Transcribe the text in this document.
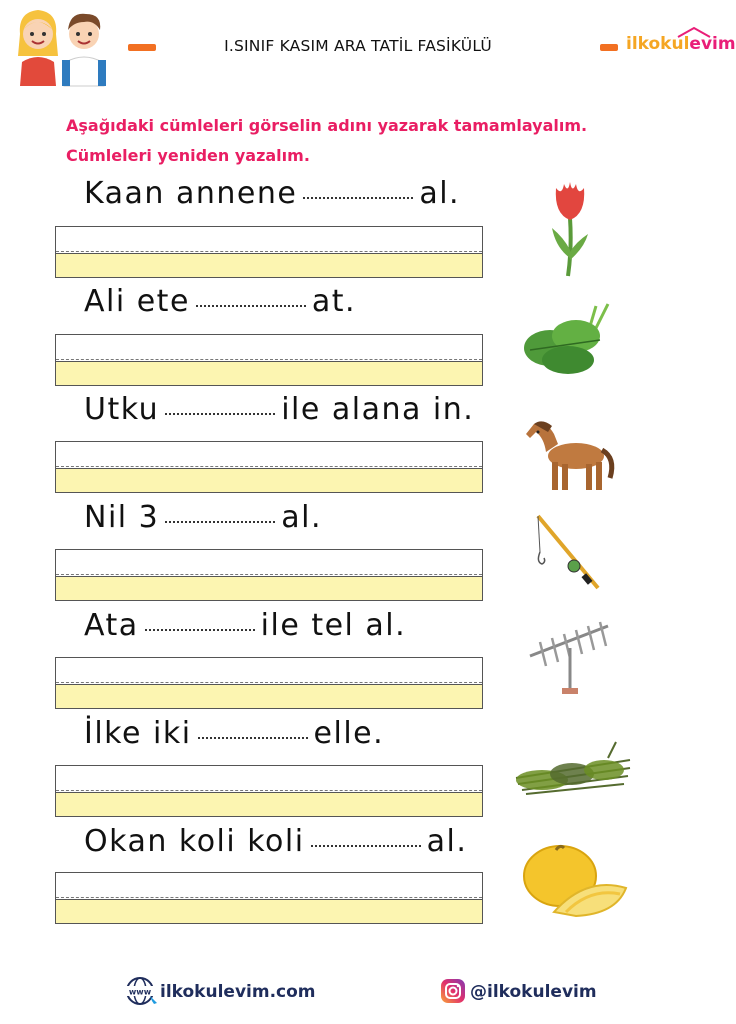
I.SINIF KASIM ARA TATİL FASİKÜLÜ	ilkokulevim
Aşağıdaki cümleleri görselin adını yazarak tamamlayalım.
Cümleleri yeniden yazalım.
Kaan annene	al.
Ali ete	at.
Utku	ile alana in.
Nil 3	al.
Ata	ile tel al.
İlke iki	elle.
Okan koli koli	al.
www ilkokulevim.com	@ilkokulevim
